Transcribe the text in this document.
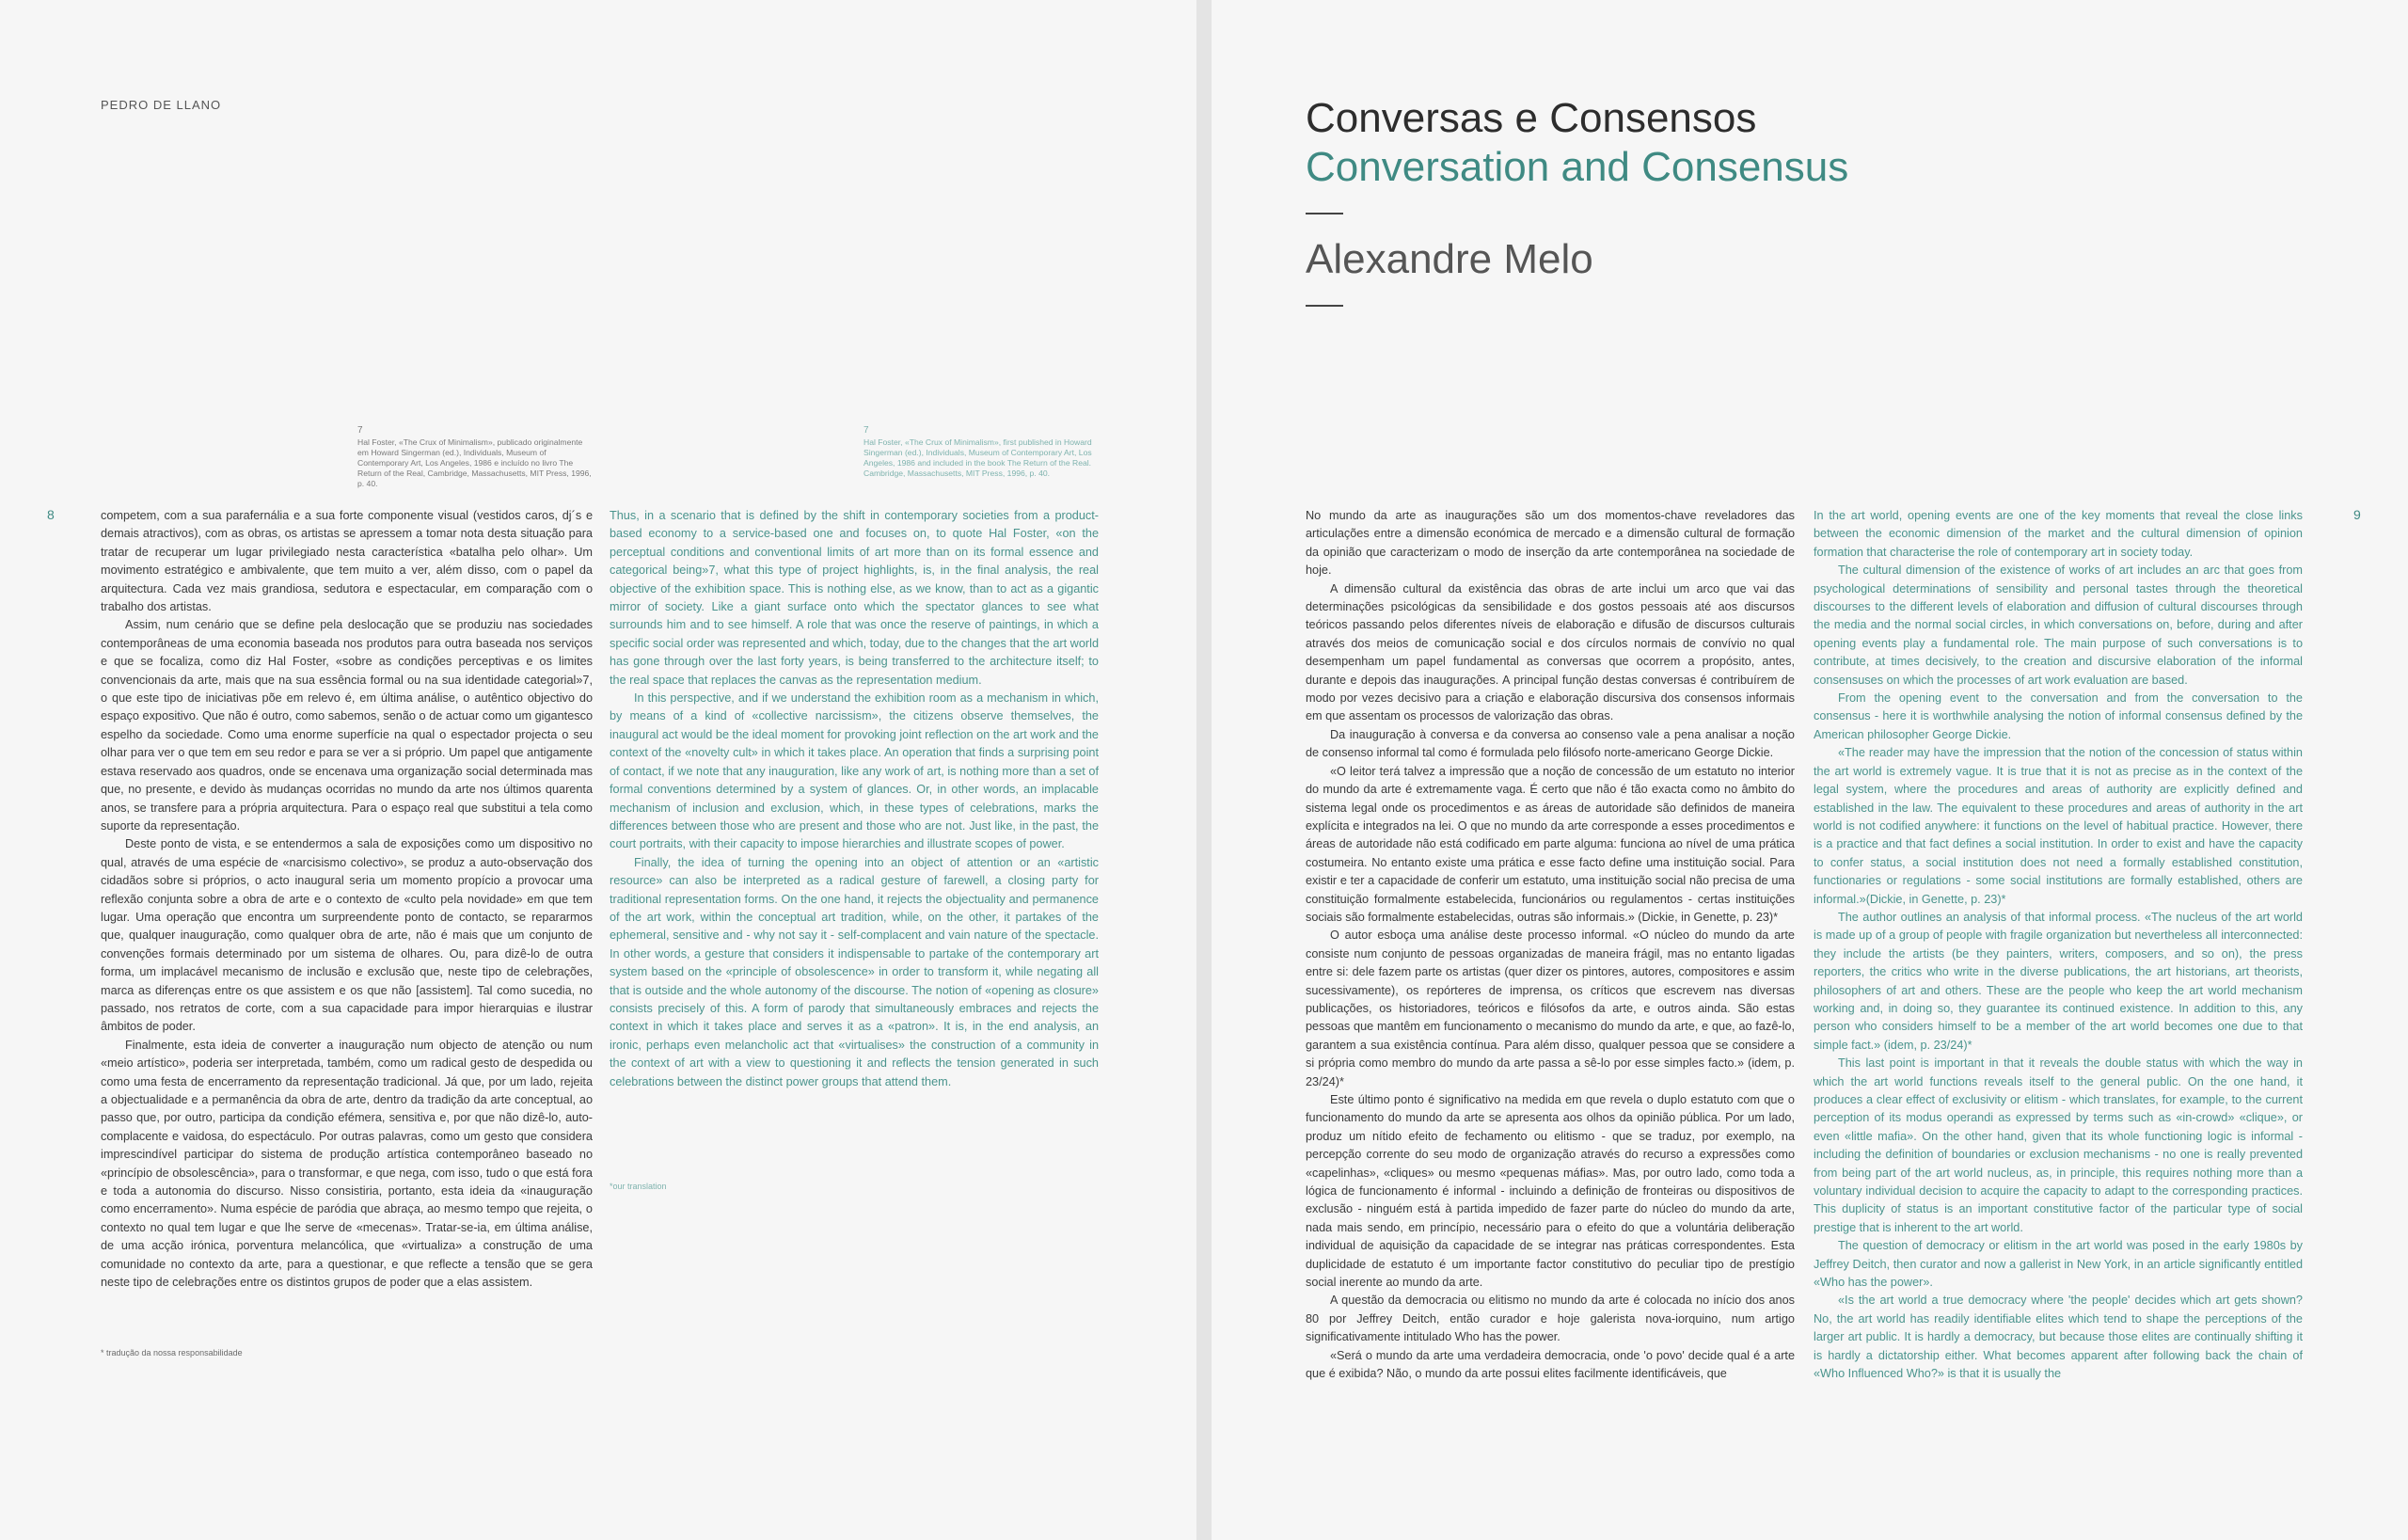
PEDRO DE LLANO
7
Hal Foster, «The Crux of Minimalism», publicado originalmente em Howard Singerman (ed.), Individuals, Museum of Contemporary Art, Los Angeles, 1986 e incluído no livro The Return of the Real, Cambridge, Massachusetts, MIT Press, 1996, p. 40.
7
Hal Foster, «The Crux of Minimalism», first published in Howard Singerman (ed.), Individuals, Museum of Contemporary Art, Los Angeles, 1986 and included in the book The Return of the Real. Cambridge, Massachusetts, MIT Press, 1996, p. 40.
8	competem, com a sua parafernália e a sua forte componente visual (vestidos caros, dj´s e demais atractivos), com as obras, os artistas se apressem a tomar nota desta situação para tratar de recuperar um lugar privilegiado nesta característica «batalha pelo olhar». Um movimento estratégico e ambivalente, que tem muito a ver, além disso, com o papel da arquitectura. Cada vez mais grandiosa, sedutora e espectacular, em comparação com o trabalho dos artistas.

Assim, num cenário que se define pela deslocação que se produziu nas sociedades contemporâneas de uma economia baseada nos produtos para outra baseada nos serviços e que se focaliza, como diz Hal Foster, «sobre as condições perceptivas e os limites convencionais da arte, mais que na sua essência formal ou na sua identidade categorial»7, o que este tipo de iniciativas põe em relevo é, em última análise, o autêntico objectivo do espaço expositivo. Que não é outro, como sabemos, senão o de actuar como um gigantesco espelho da sociedade. Como uma enorme superfície na qual o espectador projecta o seu olhar para ver o que tem em seu redor e para se ver a si próprio. Um papel que antigamente estava reservado aos quadros, onde se encenava uma organização social determinada mas que, no presente, e devido às mudanças ocorridas no mundo da arte nos últimos quarenta anos, se transfere para a própria arquitectura. Para o espaço real que substitui a tela como suporte da representação.

Deste ponto de vista, e se entendermos a sala de exposições como um dispositivo no qual, através de uma espécie de «narcisismo colectivo», se produz a auto-observação dos cidadãos sobre si próprios, o acto inaugural seria um momento propício a provocar uma reflexão conjunta sobre a obra de arte e o contexto de «culto pela novidade» em que tem lugar. Uma operação que encontra um surpreendente ponto de contacto, se repararmos que, qualquer inauguração, como qualquer obra de arte, não é mais que um conjunto de convenções formais determinado por um sistema de olhares. Ou, para dizê-lo de outra forma, um implacável mecanismo de inclusão e exclusão que, neste tipo de celebrações, marca as diferenças entre os que assistem e os que não [assistem]. Tal como sucedia, no passado, nos retratos de corte, com a sua capacidade para impor hierarquias e ilustrar âmbitos de poder.

Finalmente, esta ideia de converter a inauguração num objecto de atenção ou num «meio artístico», poderia ser interpretada, também, como um radical gesto de despedida ou como uma festa de encerramento da representação tradicional. Já que, por um lado, rejeita a objectualidade e a permanência da obra de arte, dentro da tradição da arte conceptual, ao passo que, por outro, participa da condição efémera, sensitiva e, por que não dizê-lo, auto-complacente e vaidosa, do espectáculo. Por outras palavras, como um gesto que considera imprescindível participar do sistema de produção artística contemporâneo baseado no «princípio de obsolescência», para o transformar, e que nega, com isso, tudo o que está fora e toda a autonomia do discurso. Nisso consistiria, portanto, esta ideia da «inauguração como encerramento». Numa espécie de paródia que abraça, ao mesmo tempo que rejeita, o contexto no qual tem lugar e que lhe serve de «mecenas». Tratar-se-ia, em última análise, de uma acção irónica, porventura melancólica, que «virtualiza» a construção de uma comunidade no contexto da arte, para a questionar, e que reflecte a tensão que se gera neste tipo de celebrações entre os distintos grupos de poder que a elas assistem.

* tradução da nossa responsabilidade

Thus, in a scenario that is defined by the shift in contemporary societies from a product-based economy to a service-based one and focuses on, to quote Hal Foster, «on the perceptual conditions and conventional limits of art more than on its formal essence and categorical being»7, what this type of project highlights, is, in the final analysis, the real objective of the exhibition space. This is nothing else, as we know, than to act as a gigantic mirror of society. Like a giant surface onto which the spectator glances to see what surrounds him and to see himself. A role that was once the reserve of paintings, in which a specific social order was represented and which, today, due to the changes that the art world has gone through over the last forty years, is being transferred to the architecture itself; to the real space that replaces the canvas as the representation medium.

In this perspective, and if we understand the exhibition room as a mechanism in which, by means of a kind of «collective narcissism», the citizens observe themselves, the inaugural act would be the ideal moment for provoking joint reflection on the art work and the context of the «novelty cult» in which it takes place. An operation that finds a surprising point of contact, if we note that any inauguration, like any work of art, is nothing more than a set of formal conventions determined by a system of glances. Or, in other words, an implacable mechanism of inclusion and exclusion, which, in these types of celebrations, marks the differences between those who are present and those who are not. Just like, in the past, the court portraits, with their capacity to impose hierarchies and illustrate scopes of power.

Finally, the idea of turning the opening into an object of attention or an «artistic resource» can also be interpreted as a radical gesture of farewell, a closing party for traditional representation forms. On the one hand, it rejects the objectuality and permanence of the art work, within the conceptual art tradition, while, on the other, it partakes of the ephemeral, sensitive and - why not say it - self-complacent and vain nature of the spectacle. In other words, a gesture that considers it indispensable to partake of the contemporary art system based on the «principle of obsolescence» in order to transform it, while negating all that is outside and the whole autonomy of the discourse. The notion of «opening as closure» consists precisely of this. A form of parody that simultaneously embraces and rejects the context in which it takes place and serves it as a «patron». It is, in the end analysis, an ironic, perhaps even melancholic act that «virtualises» the construction of a community in the context of art with a view to questioning it and reflects the tension generated in such celebrations between the distinct power groups that attend them.

*our translation
Conversas e Consensos
Conversation and Consensus
Alexandre Melo

No mundo da arte as inaugurações são um dos momentos-chave reveladores das articulações entre a dimensão económica de mercado e a dimensão cultural de formação da opinião que caracterizam o modo de inserção da arte contemporânea na sociedade de hoje.

A dimensão cultural da existência das obras de arte inclui um arco que vai das determinações psicológicas da sensibilidade e dos gostos pessoais até aos discursos teóricos passando pelos diferentes níveis de elaboração e difusão de discursos culturais através dos meios de comunicação social e dos círculos normais de convívio no qual desempenham um papel fundamental as conversas que ocorrem a propósito, antes, durante e depois das inaugurações. A principal função destas conversas é contribuírem de modo por vezes decisivo para a criação e elaboração discursiva dos consensos informais em que assentam os processos de valorização das obras.

Da inauguração à conversa e da conversa ao consenso vale a pena analisar a noção de consenso informal tal como é formulada pelo filósofo norte-americano George Dickie.

«O leitor terá talvez a impressão que a noção de concessão de um estatuto no interior do mundo da arte é extremamente vaga. É certo que não é tão exacta como no âmbito do sistema legal onde os procedimentos e as áreas de autoridade são definidos de maneira explícita e integrados na lei. O que no mundo da arte corresponde a esses procedimentos e áreas de autoridade não está codificado em parte alguma: funciona ao nível de uma prática costumeira. No entanto existe uma prática e esse facto define uma instituição social. Para existir e ter a capacidade de conferir um estatuto, uma instituição social não precisa de uma constituição formalmente estabelecida, funcionários ou regulamentos - certas instituições sociais são formalmente estabelecidas, outras são informais.» (Dickie, in Genette, p. 23)*

O autor esboça uma análise deste processo informal. «O núcleo do mundo da arte consiste num conjunto de pessoas organizadas de maneira frágil, mas no entanto ligadas entre si: dele fazem parte os artistas (quer dizer os pintores, autores, compositores e assim sucessivamente), os repórteres de imprensa, os críticos que escrevem nas diversas publicações, os historiadores, teóricos e filósofos da arte, e outros ainda. São estas pessoas que mantêm em funcionamento o mecanismo do mundo da arte, e que, ao fazê-lo, garantem a sua existência contínua. Para além disso, qualquer pessoa que se considere a si própria como membro do mundo da arte passa a sê-lo por esse simples facto.» (idem, p. 23/24)*

Este último ponto é significativo na medida em que revela o duplo estatuto com que o funcionamento do mundo da arte se apresenta aos olhos da opinião pública. Por um lado, produz um nítido efeito de fechamento ou elitismo - que se traduz, por exemplo, na percepção corrente do seu modo de organização através do recurso a expressões como «capelinhas», «cliques» ou mesmo «pequenas máfias». Mas, por outro lado, como toda a lógica de funcionamento é informal - incluindo a definição de fronteiras ou dispositivos de exclusão - ninguém está à partida impedido de fazer parte do núcleo do mundo da arte, nada mais sendo, em princípio, necessário para o efeito do que a voluntária deliberação individual de aquisição da capacidade de se integrar nas práticas correspondentes. Esta duplicidade de estatuto é um importante factor constitutivo do peculiar tipo de prestígio social inerente ao mundo da arte.

A questão da democracia ou elitismo no mundo da arte é colocada no início dos anos 80 por Jeffrey Deitch, então curador e hoje galerista nova-iorquino, num artigo significativamente intitulado Who has the power.

«Será o mundo da arte uma verdadeira democracia, onde 'o povo' decide qual é a arte que é exibida? Não, o mundo da arte possui elites facilmente identificáveis, que

In the art world, opening events are one of the key moments that reveal the close links between the economic dimension of the market and the cultural dimension of opinion formation that characterise the role of contemporary art in society today.

The cultural dimension of the existence of works of art includes an arc that goes from psychological determinations of sensibility and personal tastes through the theoretical discourses to the different levels of elaboration and diffusion of cultural discourses through the media and the normal social circles, in which conversations on, before, during and after opening events play a fundamental role. The main purpose of such conversations is to contribute, at times decisively, to the creation and discursive elaboration of the informal consensuses on which the processes of art work evaluation are based.

From the opening event to the conversation and from the conversation to the consensus - here it is worthwhile analysing the notion of informal consensus defined by the American philosopher George Dickie.

«The reader may have the impression that the notion of the concession of status within the art world is extremely vague. It is true that it is not as precise as in the context of the legal system, where the procedures and areas of authority are explicitly defined and established in the law. The equivalent to these procedures and areas of authority in the art world is not codified anywhere: it functions on the level of habitual practice. However, there is a practice and that fact defines a social institution. In order to exist and have the capacity to confer status, a social institution does not need a formally established constitution, functionaries or regulations - some social institutions are formally established, others are informal.»(Dickie, in Genette, p. 23)*

The author outlines an analysis of that informal process. «The nucleus of the art world is made up of a group of people with fragile organization but nevertheless all interconnected: they include the artists (be they painters, writers, composers, and so on), the press reporters, the critics who write in the diverse publications, the art historians, art theorists, philosophers of art and others. These are the people who keep the art world mechanism working and, in doing so, they guarantee its continued existence. In addition to this, any person who considers himself to be a member of the art world becomes one due to that simple fact.» (idem, p. 23/24)*

This last point is important in that it reveals the double status with which the way in which the art world functions reveals itself to the general public. On the one hand, it produces a clear effect of exclusivity or elitism - which translates, for example, to the current perception of its modus operandi as expressed by terms such as «in-crowd» «clique», or even «little mafia». On the other hand, given that its whole functioning logic is informal - including the definition of boundaries or exclusion mechanisms - no one is really prevented from being part of the art world nucleus, as, in principle, this requires nothing more than a voluntary individual decision to acquire the capacity to adapt to the corresponding practices. This duplicity of status is an important constitutive factor of the particular type of social prestige that is inherent to the art world.

The question of democracy or elitism in the art world was posed in the early 1980s by Jeffrey Deitch, then curator and now a gallerist in New York, in an article significantly entitled «Who has the power».

«Is the art world a true democracy where 'the people' decides which art gets shown? No, the art world has readily identifiable elites which tend to shape the perceptions of the larger art public. It is hardly a democracy, but because those elites are continually shifting it is hardly a dictatorship either. What becomes apparent after following back the chain of «Who Influenced Who?» is that it is usually the

9
